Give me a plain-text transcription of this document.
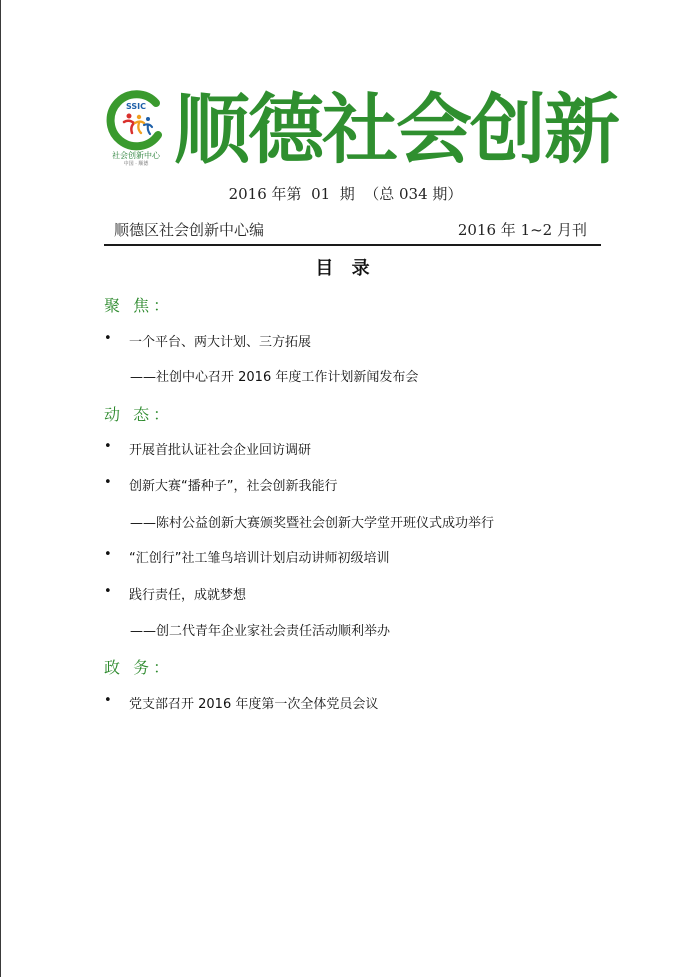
SSIC
社会创新中心
中国 · 顺德 顺德社会创新
2016 年第  01  期  （总 034 期）
顺德区社会创新中心编	2016 年 1~2 月刊
目 录
聚 焦：
•	一个平台、两大计划、三方拓展
——社创中心召开 2016 年度工作计划新闻发布会
动 态：
•	开展首批认证社会企业回访调研
•	创新大赛“播种子”，社会创新我能行
——陈村公益创新大赛颁奖暨社会创新大学堂开班仪式成功举行
•	“汇创行”社工雏鸟培训计划启动讲师初级培训
•	践行责任，成就梦想
——创二代青年企业家社会责任活动顺利举办
政 务：
•	党支部召开 2016 年度第一次全体党员会议
